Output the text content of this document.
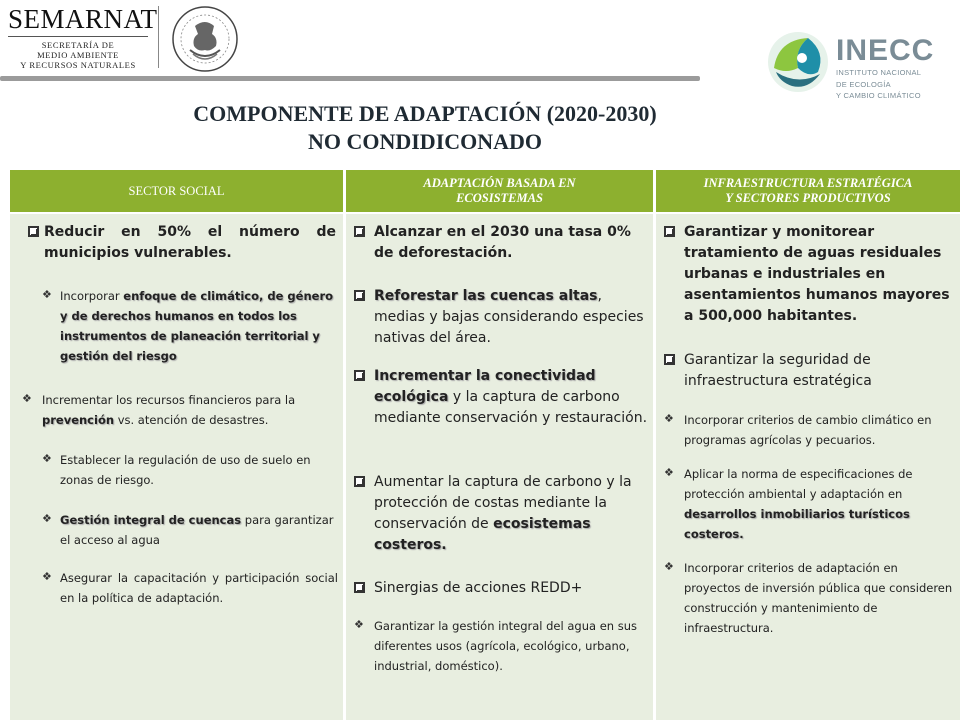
SEMARNAT
SECRETARÍA DE
MEDIO AMBIENTE
Y RECURSOS NATURALES	INECC
INSTITUTO NACIONAL
DE ECOLOGÍA
Y CAMBIO CLIMÁTICO
COMPONENTE DE ADAPTACIÓN (2020-2030)
NO CONDIDICONADO
SECTOR SOCIAL
ADAPTACIÓN BASADA EN
ECOSISTEMAS
INFRAESTRUCTURA ESTRATÉGICA
Y SECTORES PRODUCTIVOS
Reducir en 50% el número de municipios vulnerables.
❖ Incorporar enfoque de climático, de género y de derechos humanos en todos los instrumentos de planeación territorial y gestión del riesgo
❖ Incrementar los recursos financieros para la prevención vs. atención de desastres.
❖ Establecer la regulación de uso de suelo en zonas de riesgo.
❖ Gestión integral de cuencas para garantizar el acceso al agua
❖ Asegurar la capacitación y participación social en la política de adaptación.
Alcanzar en el 2030 una tasa 0% de deforestación.
Reforestar las cuencas altas, medias y bajas considerando especies nativas del área.
Incrementar la conectividad ecológica y la captura de carbono mediante conservación y restauración.
Aumentar la captura de carbono y la protección de costas mediante la conservación de ecosistemas costeros.
Sinergias de acciones REDD+
❖ Garantizar la gestión integral del agua en sus diferentes usos (agrícola, ecológico, urbano, industrial, doméstico).
Garantizar y monitorear tratamiento de aguas residuales urbanas e industriales en asentamientos humanos mayores a 500,000 habitantes.
Garantizar la seguridad de infraestructura estratégica
❖ Incorporar criterios de cambio climático en programas agrícolas y pecuarios.
❖ Aplicar la norma de especificaciones de protección ambiental y adaptación en desarrollos inmobiliarios turísticos costeros.
❖ Incorporar criterios de adaptación en proyectos de inversión pública que consideren construcción y mantenimiento de infraestructura.
